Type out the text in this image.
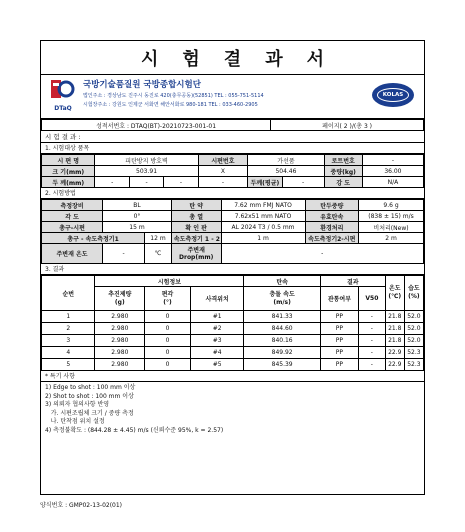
시 험 결 과 서
DTaQ
국방기술품질원 국방종합시험단
법인주소 : 경상남도 진주시 동진로 420(충무공동)(52851) TEL : 055-751-5114
시험장주소 : 강원도 인제군 서화면 해안서화로 980-181 TEL : 033-460-2905
KOLAS
성적서번호 : DTAQ(BT)-20210723-001-01	페이지( 2 )/(총 3 )
시 험 결 과 :
1. 시험대상 품목
시 편 명	피탄방지 방호벽			시편번호	가선품		로트번호	-
크 기(mm)	503.91			X	504.46		중량(kg)	36.00
두 께(mm)	-	-	-	-	두께(평균)	-	강 도	N/A
2. 시험방법
측정장비	BL		탄 약	7.62 mm FMJ NATO	탄두중량	9.6 g
각 도	0°		총 열	7.62x51 mm NATO	유효탄속	(838 ± 15) m/s
총구-시편	15 m		확 인 판	AL 2024 T3 / 0.5 mm	환경처리	비처리(New)
총구 - 속도측정기1		12 m	속도측정기 1 - 2	1 m	속도측정기2-시편	2 m
주변재 온도	-	℃	주변재 Drop(mm)	-		
3. 결과
순번	시험정보			탄속	결과		온도
(℃)	습도
(%)
	추진제량
(g)	편각
(°)	사격위치	충돌 속도
(m/s)	관통여부	V50		
1	2.980	0	#1	841.33	PP	-	21.8	52.0
2	2.980	0	#2	844.60	PP	-	21.8	52.0
3	2.980	0	#3	840.16	PP	-	21.8	52.0
4	2.980	0	#4	849.92	PP	-	22.9	52.3
5	2.980	0	#5	845.39	PP	-	22.9	52.3
* 특기 사항
1) Edge to shot : 100 mm 이상
2) Shot to shot : 100 mm 이상
3) 의뢰자 협의사항 반영
가. 시편조립체 크기 / 중량 측정
나. 탄착점 위치 설정
4) 측정불확도 : (844.28 ± 4.45) m/s (신뢰수준 95%, k = 2.57)
양식번호 : GMP02-13-02(01)
